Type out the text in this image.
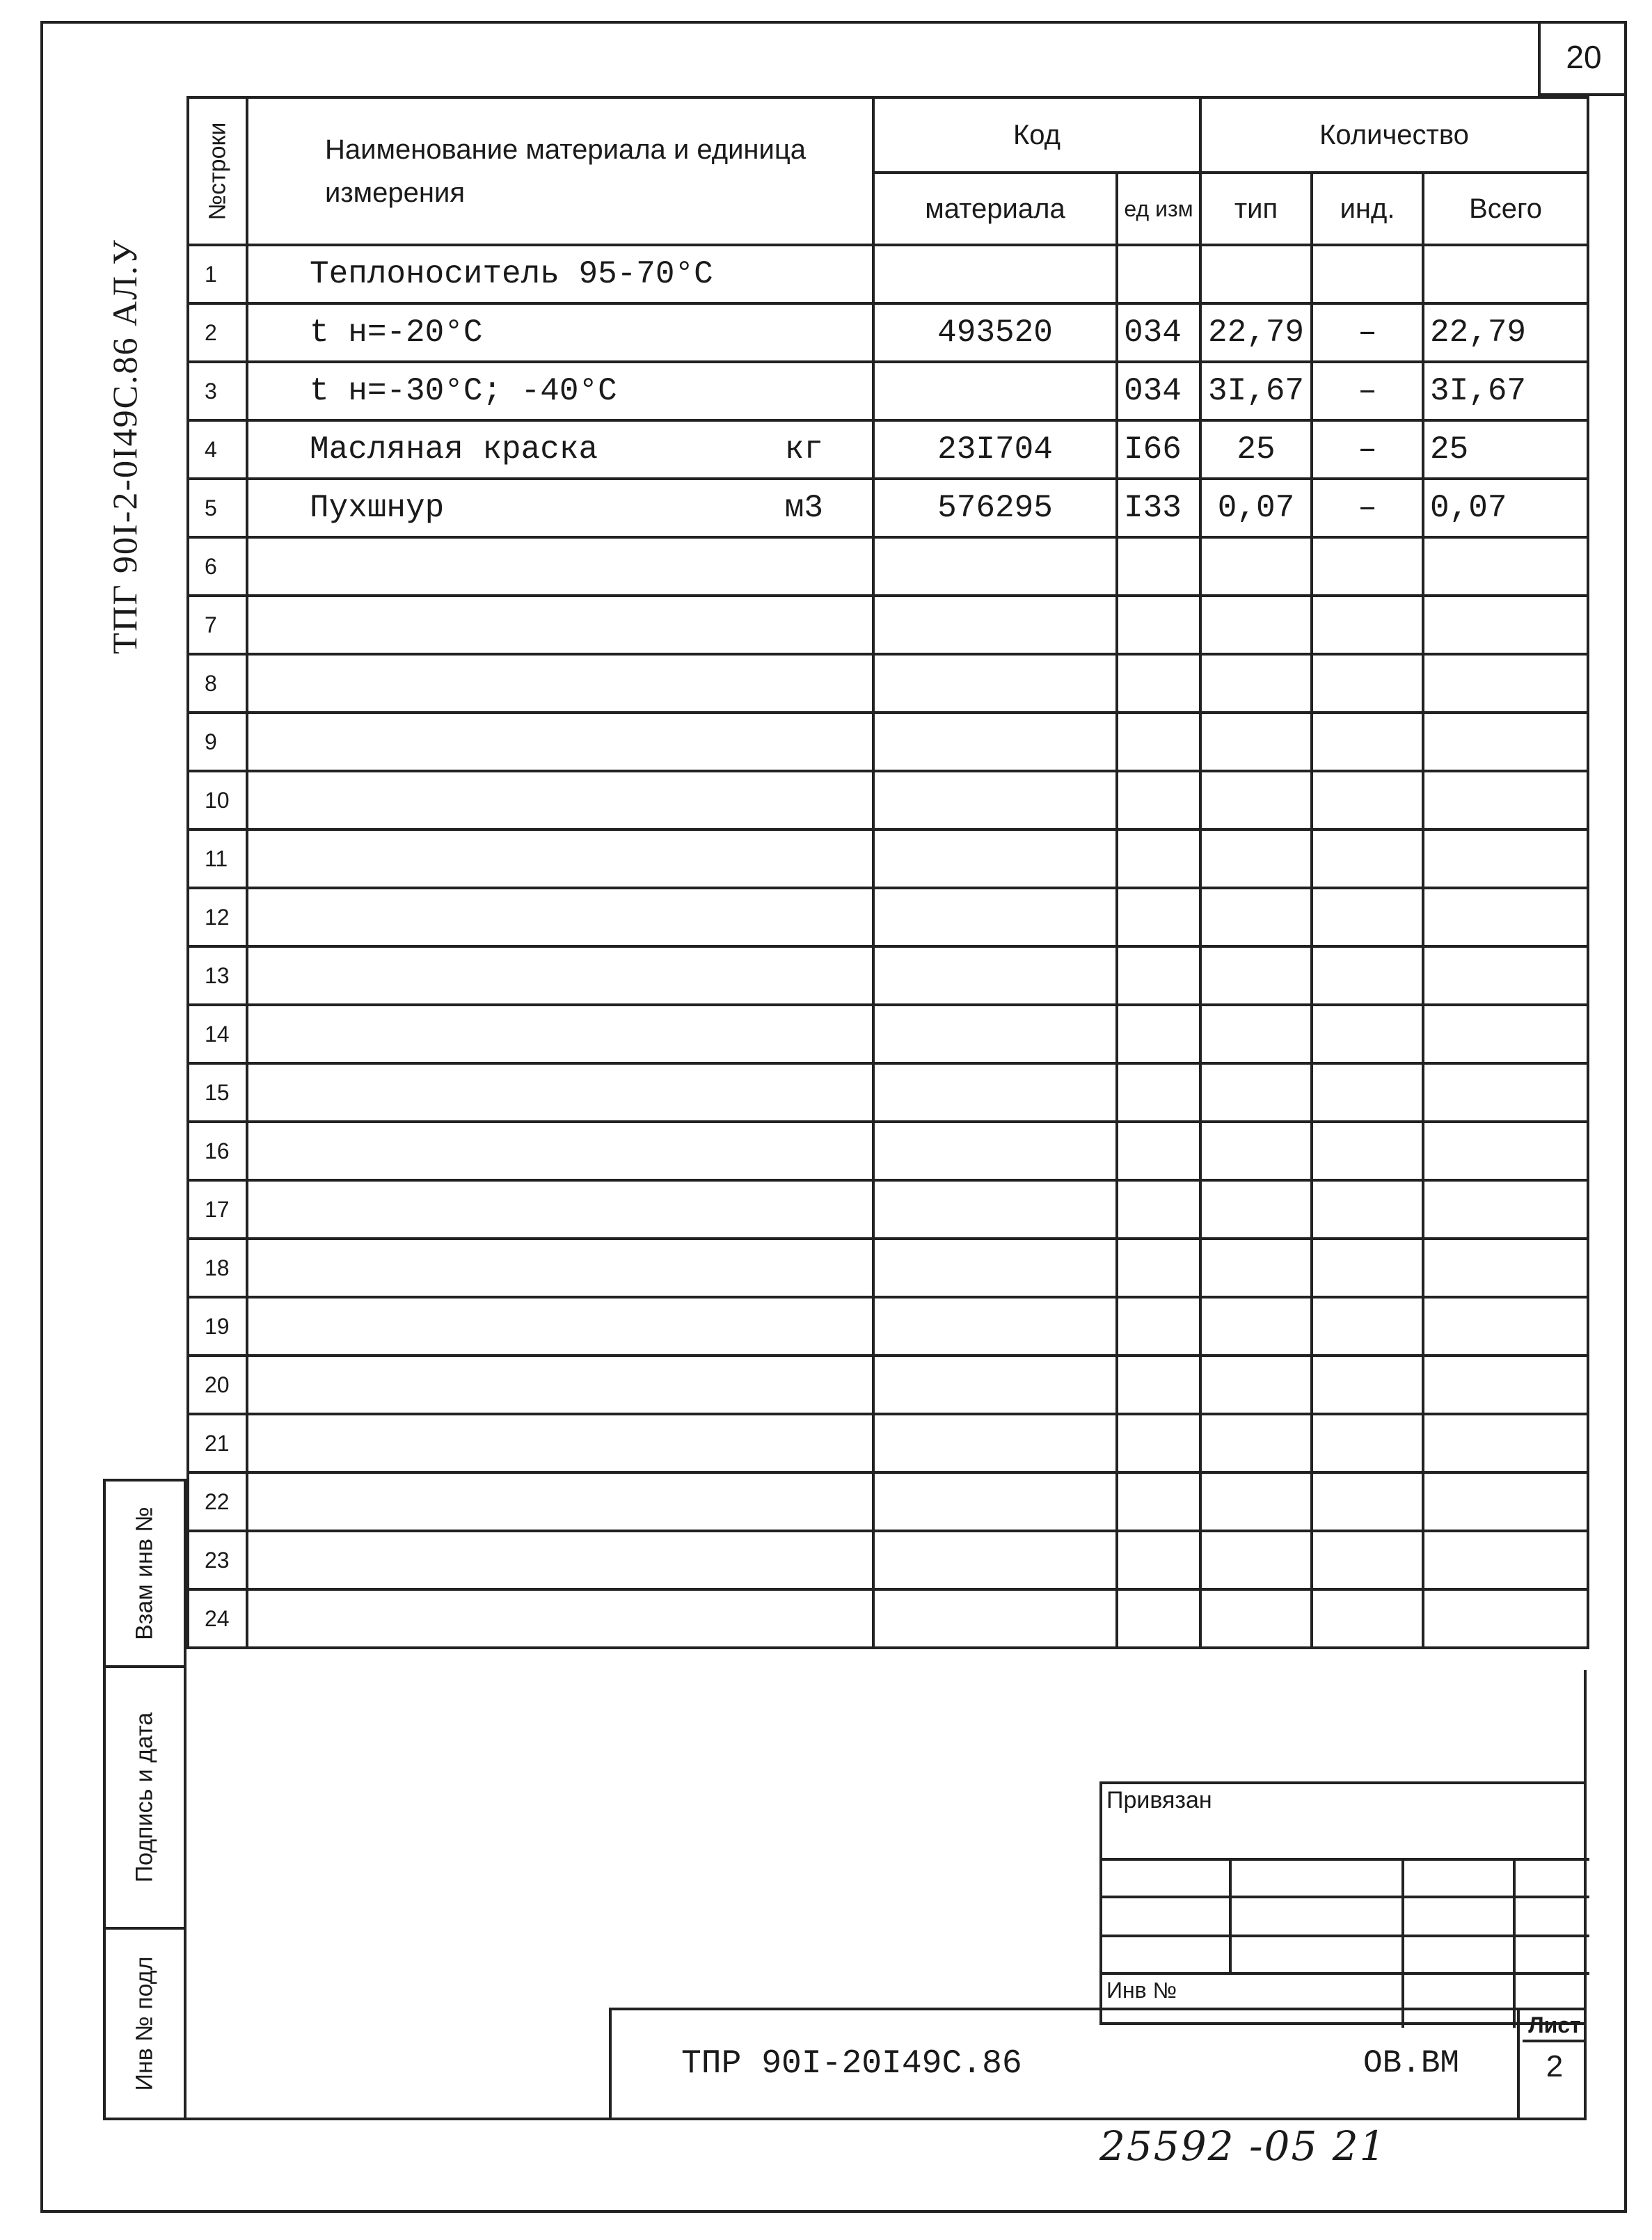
20
ТПГ 90I-2-0I49С.86 АЛ.У
№строки	Наименование материала и единица измерения	Код		Количество		
		материала	ед изм	тип	инд.	Всего
1	Теплоноситель 95-70°C					

2	t н=-20°C	493520	034	22,79	–	22,79
3	t н=-30°C; -40°C		034	3I,67	–	3I,67
4	Масляная краска кг	23I704	I66	25	–	25
5	Пухшнур м3	576295	I33	0,07	–	0,07
6	

7	

8	

9	

10	

11	

12	

13	

14	

15	

16	

17	

18	

19	

20	

21	

22	

23	

24	

Взам инв №
Подпись и дата
Инв № подл
Привязан
Инв №
ТПР 90I-20I49С.86	ОВ.ВМ
Лист
2
25592 -05 21
